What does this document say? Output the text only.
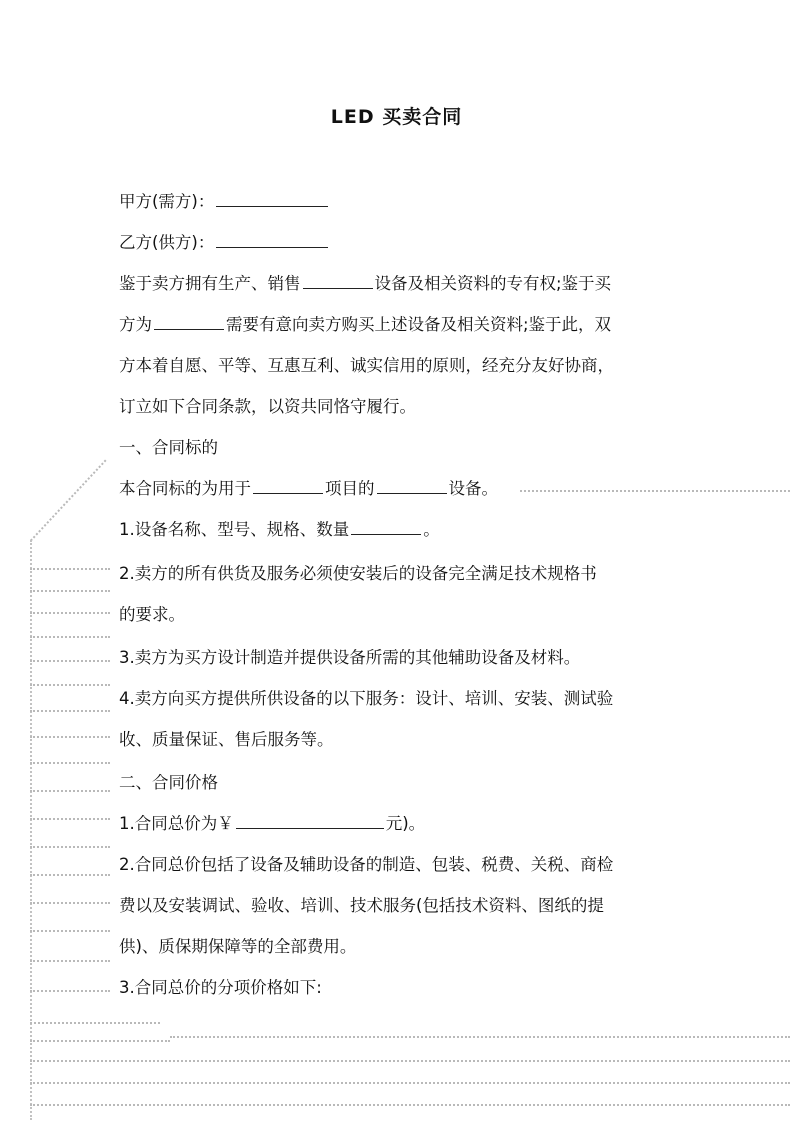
LED 买卖合同
甲方(需方)：
乙方(供方)：
鉴于卖方拥有生产、销售	设备及相关资料的专有权;鉴于买
方为	需要有意向卖方购买上述设备及相关资料;鉴于此，双
方本着自愿、平等、互惠互利、诚实信用的原则，经充分友好协商，
订立如下合同条款，以资共同恪守履行。
一、合同标的
本合同标的为用于	项目的	设备。
1.设备名称、型号、规格、数量	。
2.卖方的所有供货及服务必须使安装后的设备完全满足技术规格书
的要求。
3.卖方为买方设计制造并提供设备所需的其他辅助设备及材料。
4.卖方向买方提供所供设备的以下服务：设计、培训、安装、测试验
收、质量保证、售后服务等。
二、合同价格
1.合同总价为￥	元)。
2.合同总价包括了设备及辅助设备的制造、包装、税费、关税、商检
费以及安装调试、验收、培训、技术服务(包括技术资料、图纸的提
供)、质保期保障等的全部费用。
3.合同总价的分项价格如下:
